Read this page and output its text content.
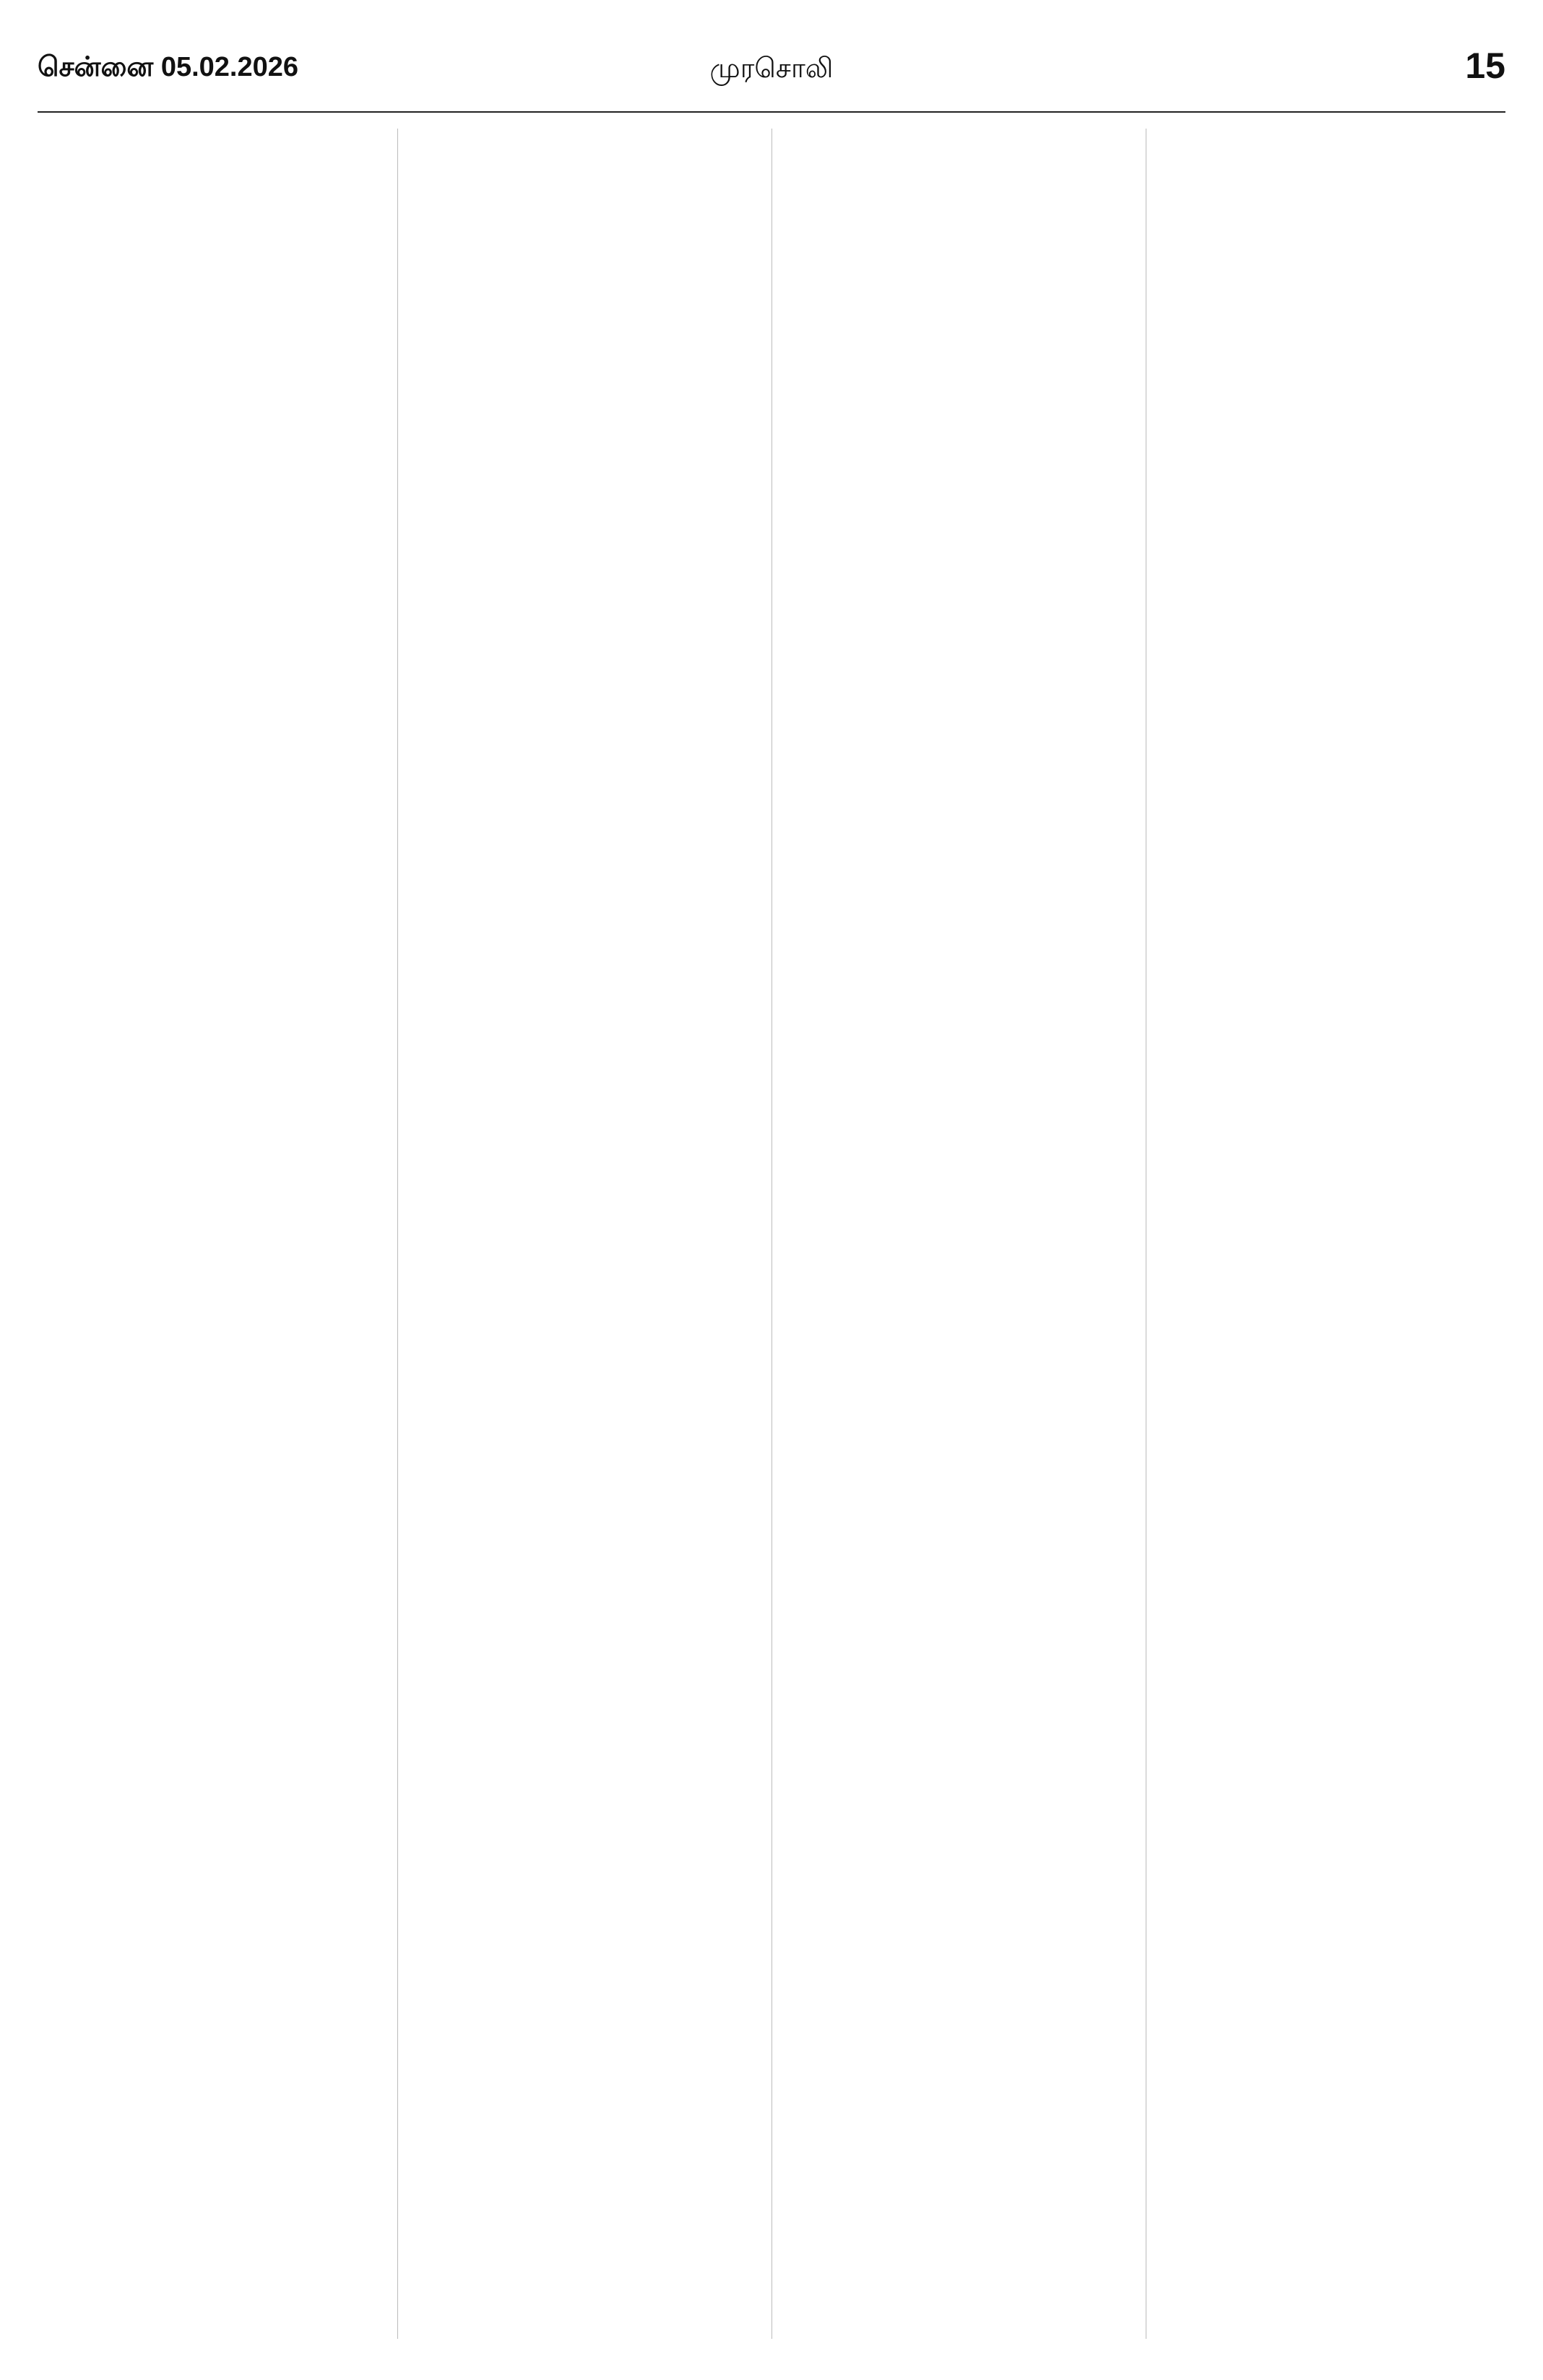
சென்னை 05.02.2026	முரசொலி	15
